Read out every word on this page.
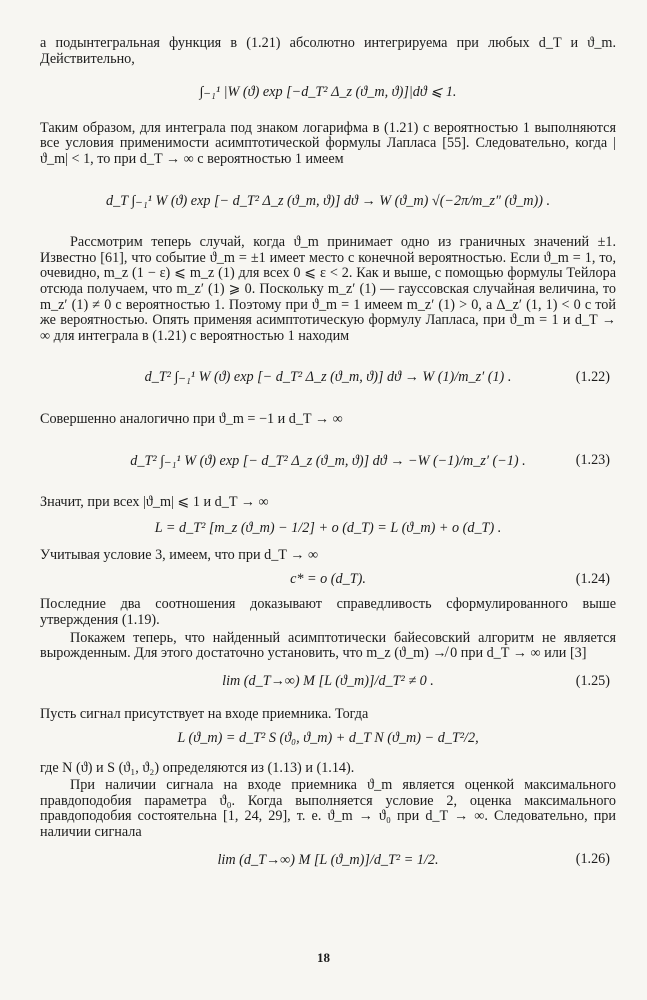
а подынтегральная функция в (1.21) абсолютно интегрируема при любых d_T и ϑ_m. Действительно,

∫₋₁¹ |W (ϑ) exp [−d_T² Δ_z (ϑ_m, ϑ)]|dϑ ⩽ 1.

Таким образом, для интеграла под знаком логарифма в (1.21) с вероятностью 1 выполняются все условия применимости асимптотической формулы Лапласа [55]. Следовательно, когда |ϑ_m| < 1, то при d_T → ∞ с вероятностью 1 имеем

d_T ∫₋₁¹ W (ϑ) exp [− d_T² Δ_z (ϑ_m, ϑ)] dϑ → W (ϑ_m) √(−2π/m_z″ (ϑ_m)) .

Рассмотрим теперь случай, когда ϑ_m принимает одно из граничных значений ±1. Известно [61], что событие ϑ_m = ±1 имеет место с конечной вероятностью. Если ϑ_m = 1, то, очевидно, m_z (1 − ε) ⩽ m_z (1) для всех 0 ⩽ ε < 2. Как и выше, с помощью формулы Тейлора отсюда получаем, что m_z′ (1) ⩾ 0. Поскольку m_z′ (1) — гауссовская случайная величина, то m_z′ (1) ≠ 0 с вероятностью 1. Поэтому при ϑ_m = 1 имеем m_z′ (1) > 0, а Δ_z′ (1, 1) < 0 с той же вероятностью. Опять применяя асимптотическую формулу Лапласа, при ϑ_m = 1 и d_T → ∞ для интеграла в (1.21) с вероятностью 1 находим

d_T² ∫₋₁¹ W (ϑ) exp [− d_T² Δ_z (ϑ_m, ϑ)] dϑ → W (1)/m_z′ (1) .	(1.22)

Совершенно аналогично при ϑ_m = −1 и d_T → ∞

d_T² ∫₋₁¹ W (ϑ) exp [− d_T² Δ_z (ϑ_m, ϑ)] dϑ → −W (−1)/m_z′ (−1) .	(1.23)

Значит, при всех |ϑ_m| ⩽ 1 и d_T → ∞

L = d_T² [m_z (ϑ_m) − 1/2] + o (d_T) = L (ϑ_m) + o (d_T) .

Учитывая условие 3, имеем, что при d_T → ∞

c* = o (d_T).	(1.24)

Последние два соотношения доказывают справедливость сформулированного выше утверждения (1.19).

Покажем теперь, что найденный асимптотически байесовский алгоритм не является вырожденным. Для этого достаточно установить, что m_z (ϑ_m) ↛ 0 при d_T → ∞ или [3]

lim (d_T→∞) M [L (ϑ_m)]/d_T² ≠ 0 .	(1.25)

Пусть сигнал присутствует на входе приемника. Тогда

L (ϑ_m) = d_T² S (ϑ₀, ϑ_m) + d_T N (ϑ_m) − d_T²/2,

где N (ϑ) и S (ϑ₁, ϑ₂) определяются из (1.13) и (1.14).

При наличии сигнала на входе приемника ϑ_m является оценкой максимального правдоподобия параметра ϑ₀. Когда выполняется условие 2, оценка максимального правдоподобия состоятельна [1, 24, 29], т. е. ϑ_m → ϑ₀ при d_T → ∞. Следовательно, при наличии сигнала

lim (d_T→∞) M [L (ϑ_m)]/d_T² = 1/2.	(1.26)

18
